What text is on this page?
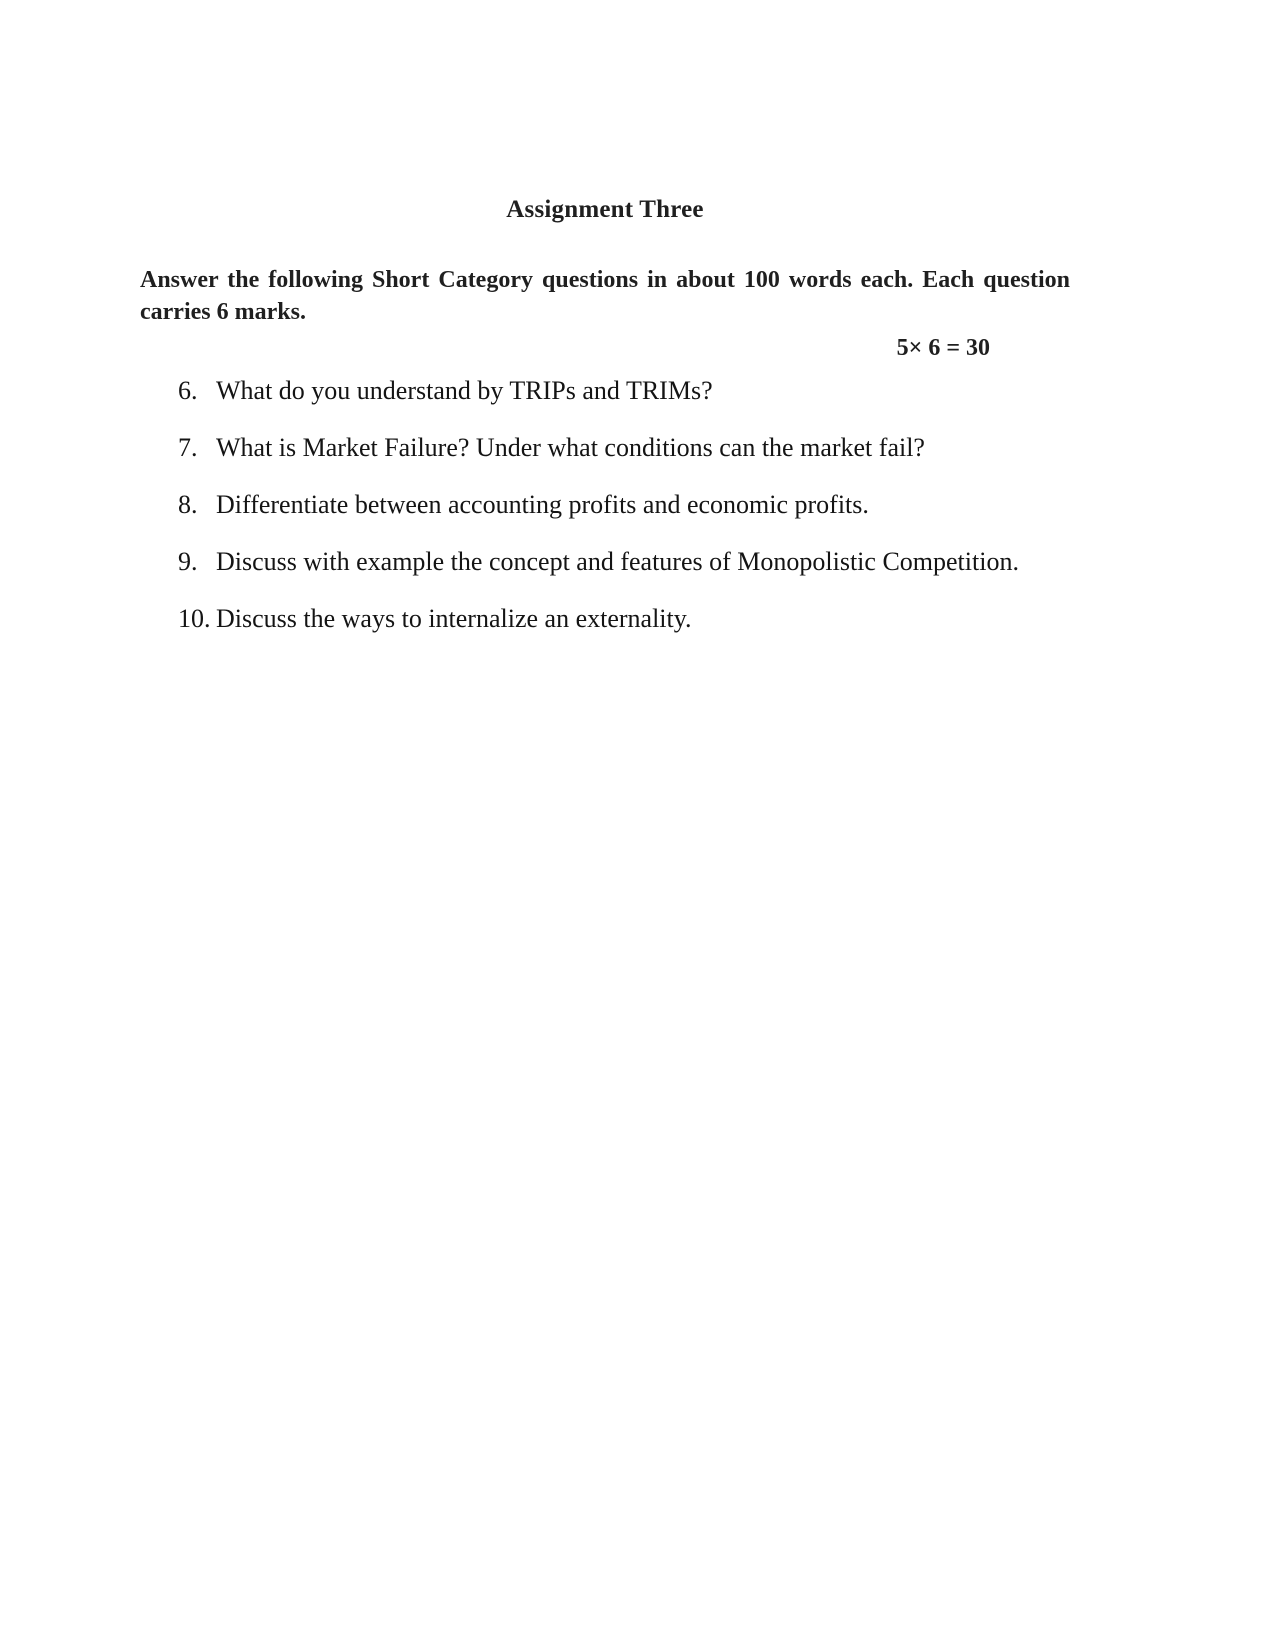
Assignment Three
Answer the following Short Category questions in about 100 words each. Each question carries 6 marks.
5× 6 = 30
6. What do you understand by TRIPs and TRIMs?
7. What is Market Failure? Under what conditions can the market fail?
8. Differentiate between accounting profits and economic profits.
9. Discuss with example the concept and features of Monopolistic Competition.
10. Discuss the ways to internalize an externality.
